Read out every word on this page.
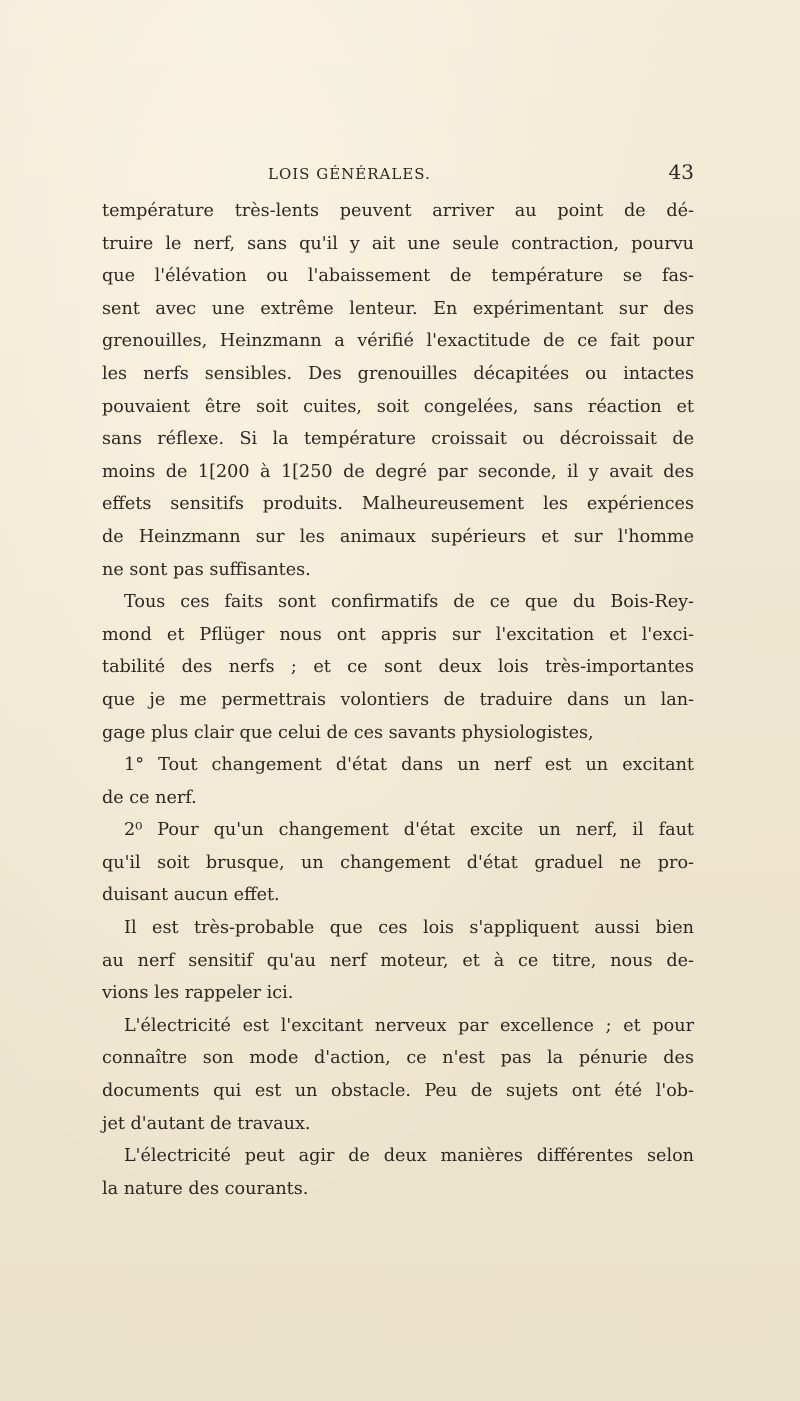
LOIS GÉNÉRALES.	43
température très-lents peuvent arriver au point de dé-
truire le nerf, sans qu'il y ait une seule contraction, pourvu
que l'élévation ou l'abaissement de température se fas-
sent avec une extrême lenteur. En expérimentant sur des
grenouilles, Heinzmann a vérifié l'exactitude de ce fait pour
les nerfs sensibles. Des grenouilles décapitées ou intactes
pouvaient être soit cuites, soit congelées, sans réaction et
sans réflexe. Si la température croissait ou décroissait de
moins de 1[200 à 1[250 de degré par seconde, il y avait des
effets sensitifs produits. Malheureusement les expériences
de Heinzmann sur les animaux supérieurs et sur l'homme
ne sont pas suffisantes.
Tous ces faits sont confirmatifs de ce que du Bois-Rey-
mond et Pflüger nous ont appris sur l'excitation et l'exci-
tabilité des nerfs ; et ce sont deux lois très-importantes
que je me permettrais volontiers de traduire dans un lan-
gage plus clair que celui de ces savants physiologistes,
1° Tout changement d'état dans un nerf est un excitant
de ce nerf.
2⁰ Pour qu'un changement d'état excite un nerf, il faut
qu'il soit brusque, un changement d'état graduel ne pro-
duisant aucun effet.
Il est très-probable que ces lois s'appliquent aussi bien
au nerf sensitif qu'au nerf moteur, et à ce titre, nous de-
vions les rappeler ici.
L'électricité est l'excitant nerveux par excellence ; et pour
connaître son mode d'action, ce n'est pas la pénurie des
documents qui est un obstacle. Peu de sujets ont été l'ob-
jet d'autant de travaux.
L'électricité peut agir de deux manières différentes selon
la nature des courants.
